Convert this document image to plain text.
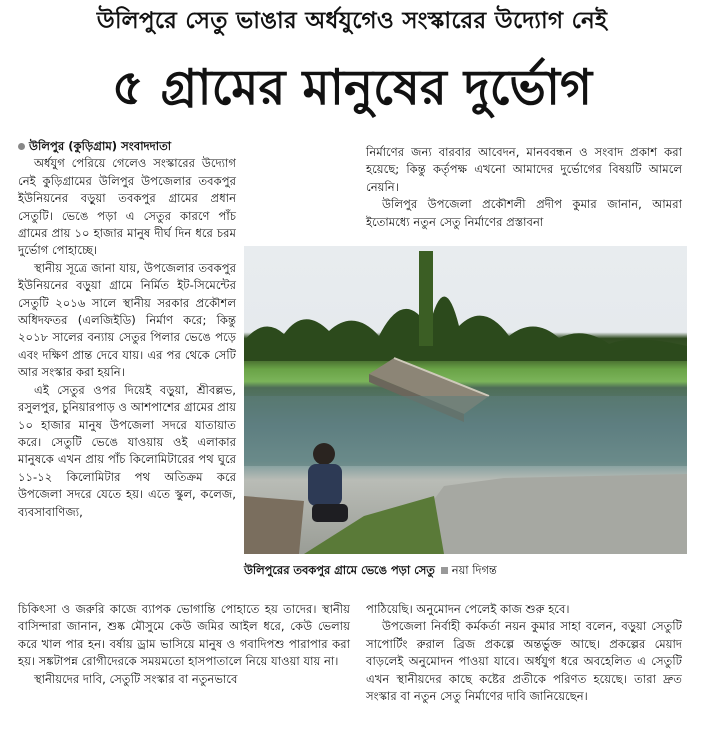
উলিপুরে সেতু ভাঙার অর্ধযুগেও সংস্কারের উদ্যোগ নেই
৫ গ্রামের মানুষের দুর্ভোগ

উলিপুর (কুড়িগ্রাম) সংবাদদাতা

অর্ধযুগ পেরিয়ে গেলেও সংস্কারের উদ্যোগ নেই কুড়িগ্রামের উলিপুর উপজেলার তবকপুর ইউনিয়নের বড়ুয়া তবকপুর গ্রামের প্রধান সেতুটি। ভেঙে পড়া এ সেতুর কারণে পাঁচ গ্রামের প্রায় ১০ হাজার মানুষ দীর্ঘ দিন ধরে চরম দুর্ভোগ পোহাচ্ছে।

স্থানীয় সূত্রে জানা যায়, উপজেলার তবকপুর ইউনিয়নের বড়ুয়া গ্রামে নির্মিত ইট-সিমেন্টের সেতুটি ২০১৬ সালে স্থানীয় সরকার প্রকৌশল অধিদফতর (এলজিইডি) নির্মাণ করে; কিন্তু ২০১৮ সালের বন্যায় সেতুর পিলার ভেঙে পড়ে এবং দক্ষিণ প্রান্ত দেবে যায়। এর পর থেকে সেটি আর সংস্কার করা হয়নি।

এই সেতুর ওপর দিয়েই বড়ুয়া, শ্রীবল্লভ, রসুলপুর, চুনিয়ারপাড় ও আশপাশের গ্রামের প্রায় ১০ হাজার মানুষ উপজেলা সদরে যাতায়াত করে। সেতুটি ভেঙে যাওয়ায় ওই এলাকার মানুষকে এখন প্রায় পাঁচ কিলোমিটারের পথ ঘুরে ১১-১২ কিলোমিটার পথ অতিক্রম করে উপজেলা সদরে যেতে হয়। এতে স্কুল, কলেজ, ব্যবসাবাণিজ্য,

নির্মাণের জন্য বারবার আবেদন, মানববন্ধন ও সংবাদ প্রকাশ করা হয়েছে; কিন্তু কর্তৃপক্ষ এখনো আমাদের দুর্ভোগের বিষয়টি আমলে নেয়নি।

উলিপুর উপজেলা প্রকৌশলী প্রদীপ কুমার জানান, আমরা ইতোমধ্যে নতুন সেতু নির্মাণের প্রস্তাবনা

উলিপুরের তবকপুর গ্রামে ভেঙে পড়া সেতু নয়া দিগন্ত

চিকিৎসা ও জরুরি কাজে ব্যাপক ভোগান্তি পোহাতে হয় তাদের। স্থানীয় বাসিন্দারা জানান, শুষ্ক মৌসুমে কেউ জমির আইল ধরে, কেউ ভেলায় করে খাল পার হন। বর্ষায় ড্রাম ভাসিয়ে মানুষ ও গবাদিপশু পারাপার করা হয়। সঙ্কটাপন্ন রোগীদেরকে সময়মতো হাসপাতালে নিয়ে যাওয়া যায় না।

স্থানীয়দের দাবি, সেতুটি সংস্কার বা নতুনভাবে

পাঠিয়েছি। অনুমোদন পেলেই কাজ শুরু হবে।

উপজেলা নির্বাহী কর্মকর্তা নয়ন কুমার সাহা বলেন, বড়ুয়া সেতুটি সাপোর্টিং রুরাল ব্রিজ প্রকল্পে অন্তর্ভুক্ত আছে। প্রকল্পের মেয়াদ বাড়লেই অনুমোদন পাওয়া যাবে। অর্ধযুগ ধরে অবহেলিত এ সেতুটি এখন স্থানীয়দের কাছে কষ্টের প্রতীকে পরিণত হয়েছে। তারা দ্রুত সংস্কার বা নতুন সেতু নির্মাণের দাবি জানিয়েছেন।
